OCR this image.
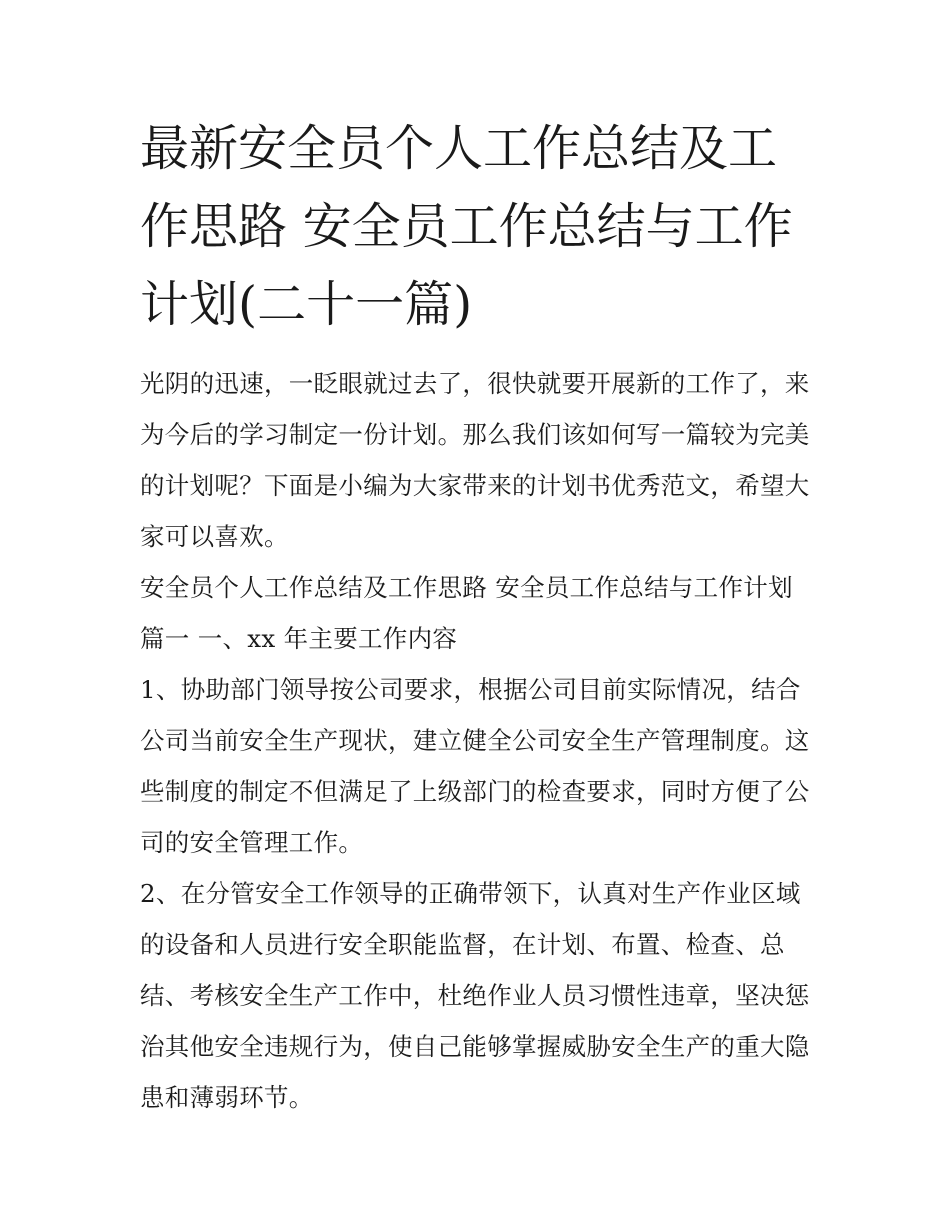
最新安全员个人工作总结及工
作思路 安全员工作总结与工作
计划(二十一篇)
光阴的迅速，一眨眼就过去了，很快就要开展新的工作了，来
为今后的学习制定一份计划。那么我们该如何写一篇较为完美
的计划呢？下面是小编为大家带来的计划书优秀范文，希望大
家可以喜欢。
安全员个人工作总结及工作思路 安全员工作总结与工作计划
篇一 一、xx 年主要工作内容
1、协助部门领导按公司要求，根据公司目前实际情况，结合
公司当前安全生产现状，建立健全公司安全生产管理制度。这
些制度的制定不但满足了上级部门的检查要求，同时方便了公
司的安全管理工作。
2、在分管安全工作领导的正确带领下，认真对生产作业区域
的设备和人员进行安全职能监督，在计划、布置、检查、总
结、考核安全生产工作中，杜绝作业人员习惯性违章，坚决惩
治其他安全违规行为，使自己能够掌握威胁安全生产的重大隐
患和薄弱环节。
